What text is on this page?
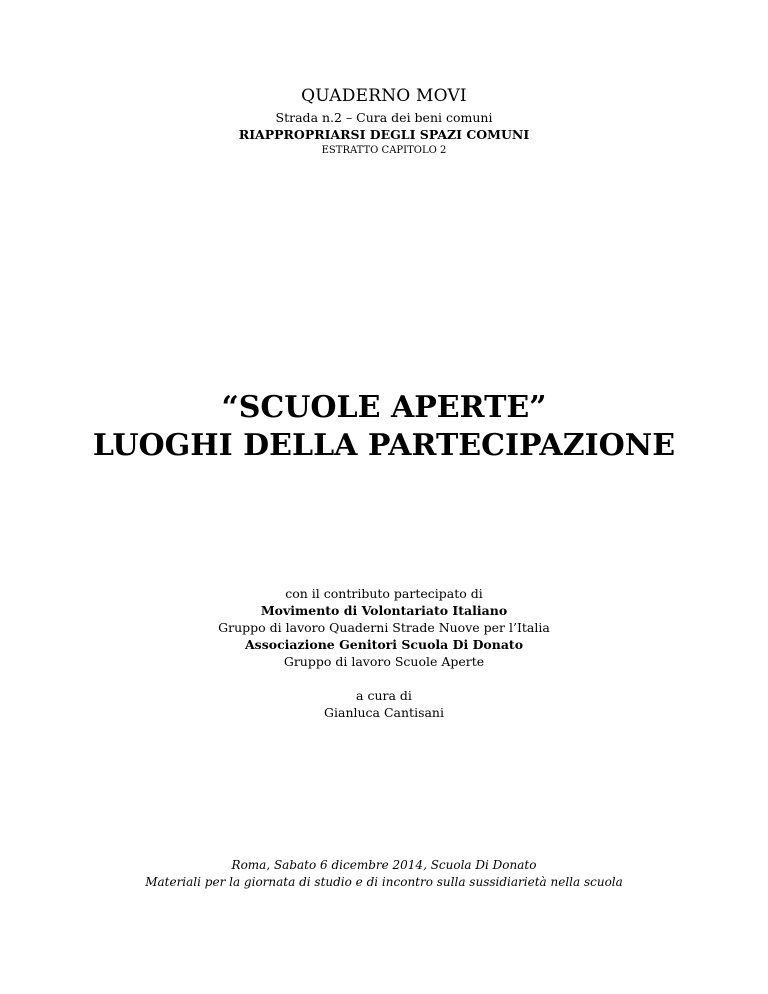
QUADERNO MOVI
Strada n.2 – Cura dei beni comuni
RIAPPROPRIARSI DEGLI SPAZI COMUNI
ESTRATTO CAPITOLO 2
“SCUOLE APERTE”
LUOGHI DELLA PARTECIPAZIONE
con il contributo partecipato di
Movimento di Volontariato Italiano
Gruppo di lavoro Quaderni Strade Nuove per l’Italia
Associazione Genitori Scuola Di Donato
Gruppo di lavoro Scuole Aperte
a cura di
Gianluca Cantisani
Roma, Sabato 6 dicembre 2014, Scuola Di Donato
Materiali per la giornata di studio e di incontro sulla sussidiarietà nella scuola
